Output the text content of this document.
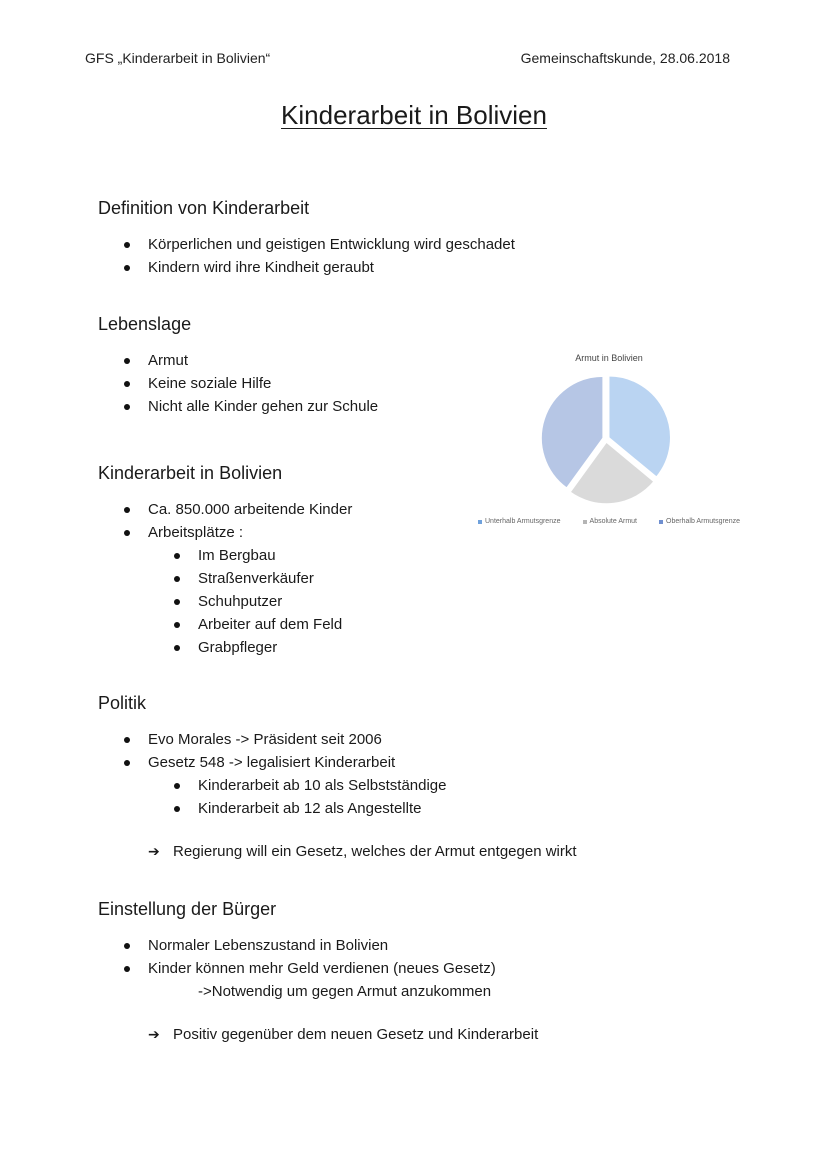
GFS „Kinderarbeit in Bolivien“	Gemeinschaftskunde, 28.06.2018
Kinderarbeit in Bolivien
Definition von Kinderarbeit
Körperlichen und geistigen Entwicklung wird geschadet
Kindern wird ihre Kindheit geraubt
Lebenslage
Armut
Keine soziale Hilfe
Nicht alle Kinder gehen zur Schule
Armut in Bolivien
Unterhalb Armutsgrenze	Absolute Armut	Oberhalb Armutsgrenze
Kinderarbeit in Bolivien
Ca. 850.000 arbeitende Kinder
Arbeitsplätze :
Im Bergbau
Straßenverkäufer
Schuhputzer
Arbeiter auf dem Feld
Grabpfleger
Politik
Evo Morales -> Präsident seit 2006
Gesetz 548 -> legalisiert Kinderarbeit
Kinderarbeit ab 10 als Selbstständige
Kinderarbeit ab 12 als Angestellte
➔ Regierung will ein Gesetz, welches der Armut entgegen wirkt
Einstellung der Bürger
Normaler Lebenszustand in Bolivien
Kinder können mehr Geld verdienen (neues Gesetz)
->Notwendig um gegen Armut anzukommen
➔ Positiv gegenüber dem neuen Gesetz und Kinderarbeit
